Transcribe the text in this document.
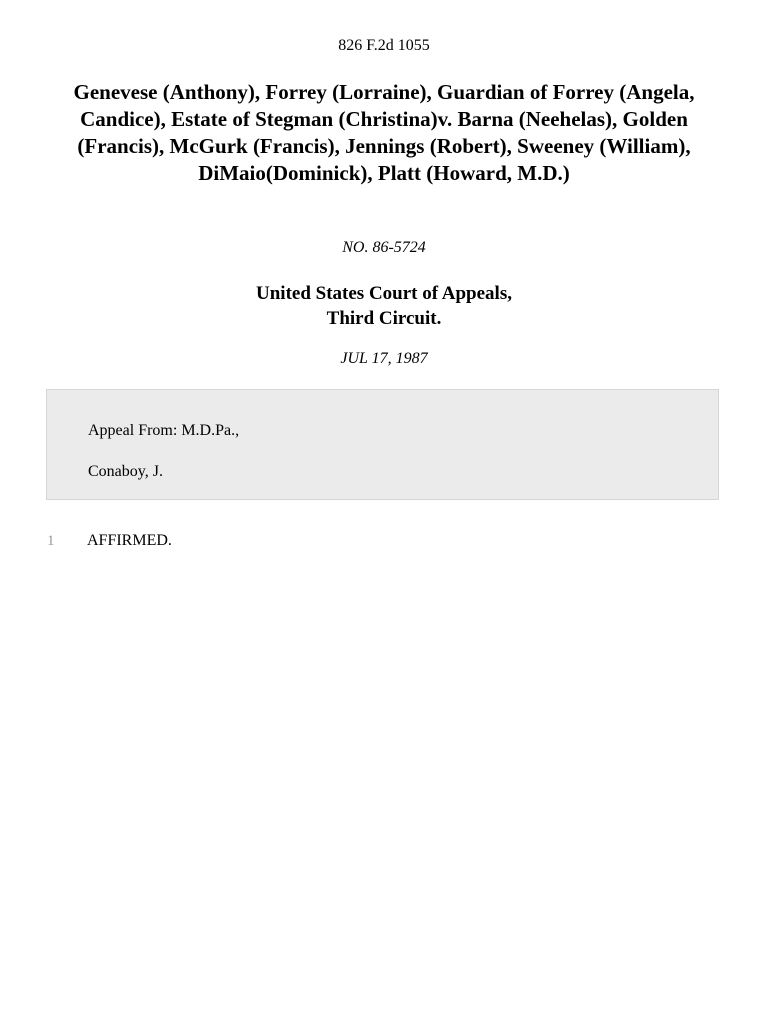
826 F.2d 1055
Genevese (Anthony), Forrey (Lorraine), Guardian of Forrey (Angela, Candice), Estate of Stegman (Christina)v. Barna (Neehelas), Golden (Francis), McGurk (Francis), Jennings (Robert), Sweeney (William), DiMaio(Dominick), Platt (Howard, M.D.)
NO. 86-5724
United States Court of Appeals,
Third Circuit.
JUL 17, 1987
Appeal From: M.D.Pa.,
Conaboy, J.
1 AFFIRMED.
